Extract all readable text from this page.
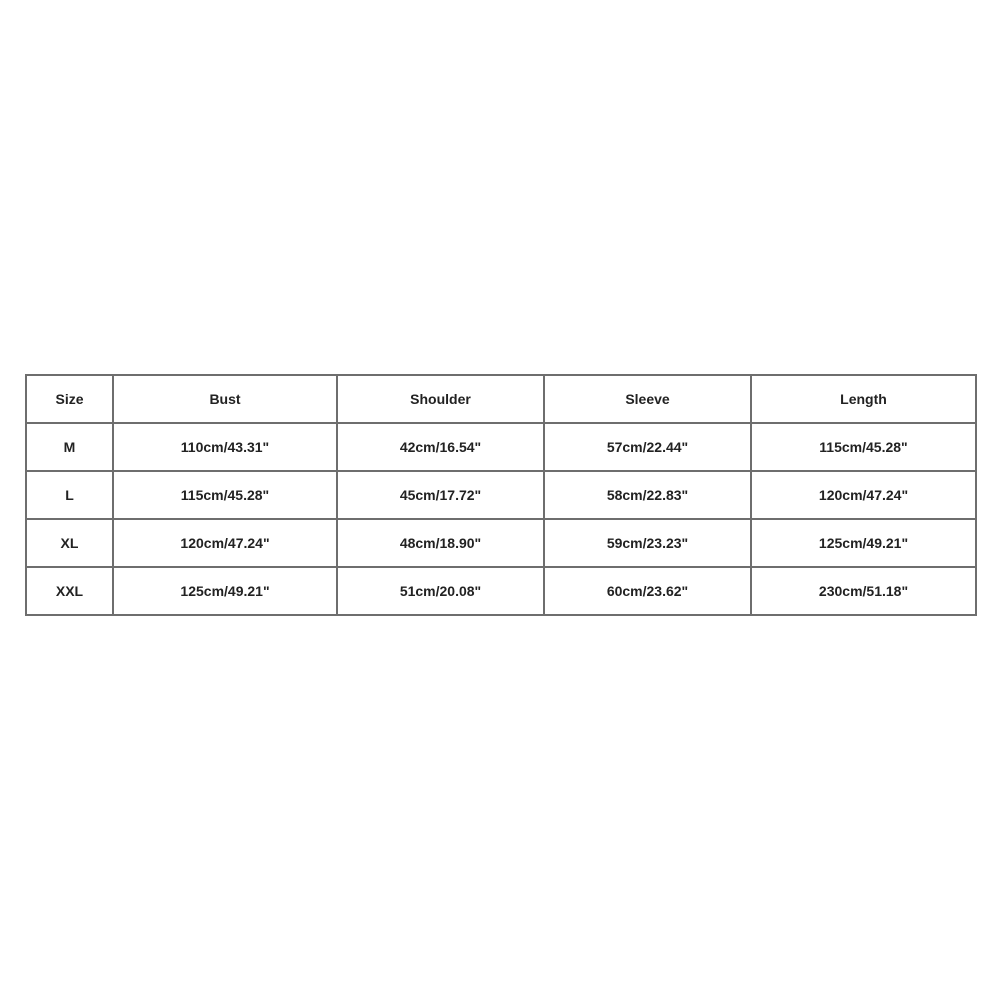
Size	Bust	Shoulder	Sleeve	Length
M	110cm/43.31"	42cm/16.54"	57cm/22.44"	115cm/45.28"
L	115cm/45.28"	45cm/17.72"	58cm/22.83"	120cm/47.24"
XL	120cm/47.24"	48cm/18.90"	59cm/23.23"	125cm/49.21"
XXL	125cm/49.21"	51cm/20.08"	60cm/23.62"	230cm/51.18"
